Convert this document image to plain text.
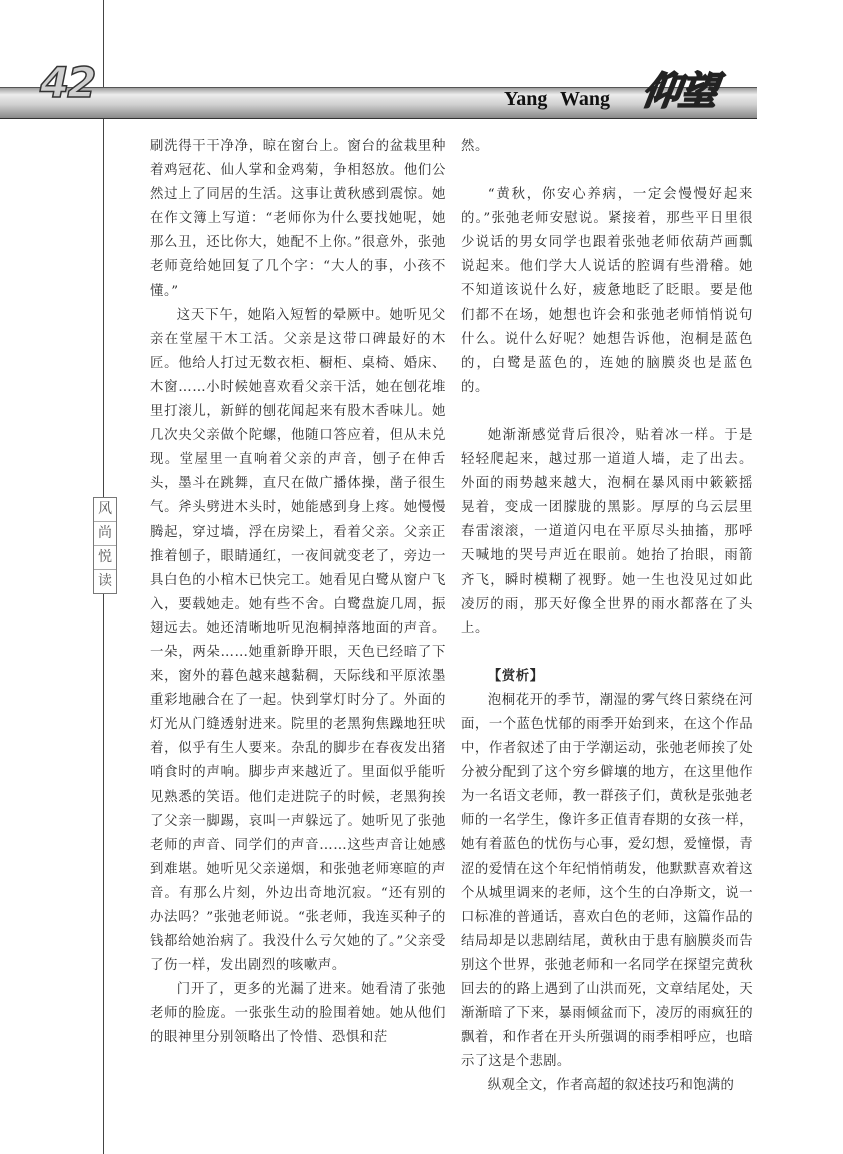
42	Yang Wang 仰望
风
尚
悦
读

刷洗得干干净净，晾在窗台上。窗台的盆栽里种着鸡冠花、仙人掌和金鸡菊，争相怒放。他们公然过上了同居的生活。这事让黄秋感到震惊。她在作文簿上写道：“老师你为什么要找她呢，她那么丑，还比你大，她配不上你。”很意外，张弛老师竟给她回复了几个字：“大人的事，小孩不懂。”

这天下午，她陷入短暂的晕厥中。她听见父亲在堂屋干木工活。父亲是这带口碑最好的木匠。他给人打过无数衣柜、橱柜、桌椅、婚床、木窗……小时候她喜欢看父亲干活，她在刨花堆里打滚儿，新鲜的刨花闻起来有股木香味儿。她几次央父亲做个陀螺，他随口答应着，但从未兑现。堂屋里一直响着父亲的声音，刨子在伸舌头，墨斗在跳舞，直尺在做广播体操，凿子很生气。斧头劈进木头时，她能感到身上疼。她慢慢腾起，穿过墙，浮在房梁上，看着父亲。父亲正推着刨子，眼睛通红，一夜间就变老了，旁边一具白色的小棺木已快完工。她看见白鹭从窗户飞入，要载她走。她有些不舍。白鹭盘旋几周，振翅远去。她还清晰地听见泡桐掉落地面的声音。一朵，两朵……她重新睁开眼，天色已经暗了下来，窗外的暮色越来越黏稠，天际线和平原浓墨重彩地融合在了一起。快到掌灯时分了。外面的灯光从门缝透射进来。院里的老黑狗焦躁地狂吠着，似乎有生人要来。杂乱的脚步在春夜发出猪哨食时的声响。脚步声来越近了。里面似乎能听见熟悉的笑语。他们走进院子的时候，老黑狗挨了父亲一脚踢，哀叫一声躲远了。她听见了张弛老师的声音、同学们的声音……这些声音让她感到难堪。她听见父亲递烟，和张弛老师寒暄的声音。有那么片刻，外边出奇地沉寂。“还有别的办法吗？”张弛老师说。“张老师，我连买种子的钱都给她治病了。我没什么亏欠她的了。”父亲受了伤一样，发出剧烈的咳嗽声。

门开了，更多的光漏了进来。她看清了张弛老师的脸庞。一张张生动的脸围着她。她从他们的眼神里分别领略出了怜惜、恐惧和茫

然。

“黄秋，你安心养病，一定会慢慢好起来的。”张弛老师安慰说。紧接着，那些平日里很少说话的男女同学也跟着张弛老师依葫芦画瓢说起来。他们学大人说话的腔调有些滑稽。她不知道该说什么好，疲惫地眨了眨眼。要是他们都不在场，她想也许会和张弛老师悄悄说句什么。说什么好呢？她想告诉他，泡桐是蓝色的，白鹭是蓝色的，连她的脑膜炎也是蓝色的。

她渐渐感觉背后很冷，贴着冰一样。于是轻轻爬起来，越过那一道道人墙，走了出去。外面的雨势越来越大，泡桐在暴风雨中簌簌摇晃着，变成一团朦胧的黑影。厚厚的乌云层里春雷滚滚，一道道闪电在平原尽头抽搐，那呼天喊地的哭号声近在眼前。她抬了抬眼，雨箭齐飞，瞬时模糊了视野。她一生也没见过如此凌厉的雨，那天好像全世界的雨水都落在了头上。

【赏析】

泡桐花开的季节，潮湿的雾气终日萦绕在河面，一个蓝色忧郁的雨季开始到来，在这个作品中，作者叙述了由于学潮运动，张弛老师挨了处分被分配到了这个穷乡僻壤的地方，在这里他作为一名语文老师，教一群孩子们，黄秋是张弛老师的一名学生，像许多正值青春期的女孩一样，她有着蓝色的忧伤与心事，爱幻想，爱憧憬，青涩的爱情在这个年纪悄悄萌发，他默默喜欢着这个从城里调来的老师，这个生的白净斯文，说一口标准的普通话，喜欢白色的老师，这篇作品的结局却是以悲剧结尾，黄秋由于患有脑膜炎而告别这个世界，张弛老师和一名同学在探望完黄秋回去的的路上遇到了山洪而死，文章结尾处，天渐渐暗了下来，暴雨倾盆而下，凌厉的雨疯狂的飘着，和作者在开头所强调的雨季相呼应，也暗示了这是个悲剧。

纵观全文，作者高超的叙述技巧和饱满的
